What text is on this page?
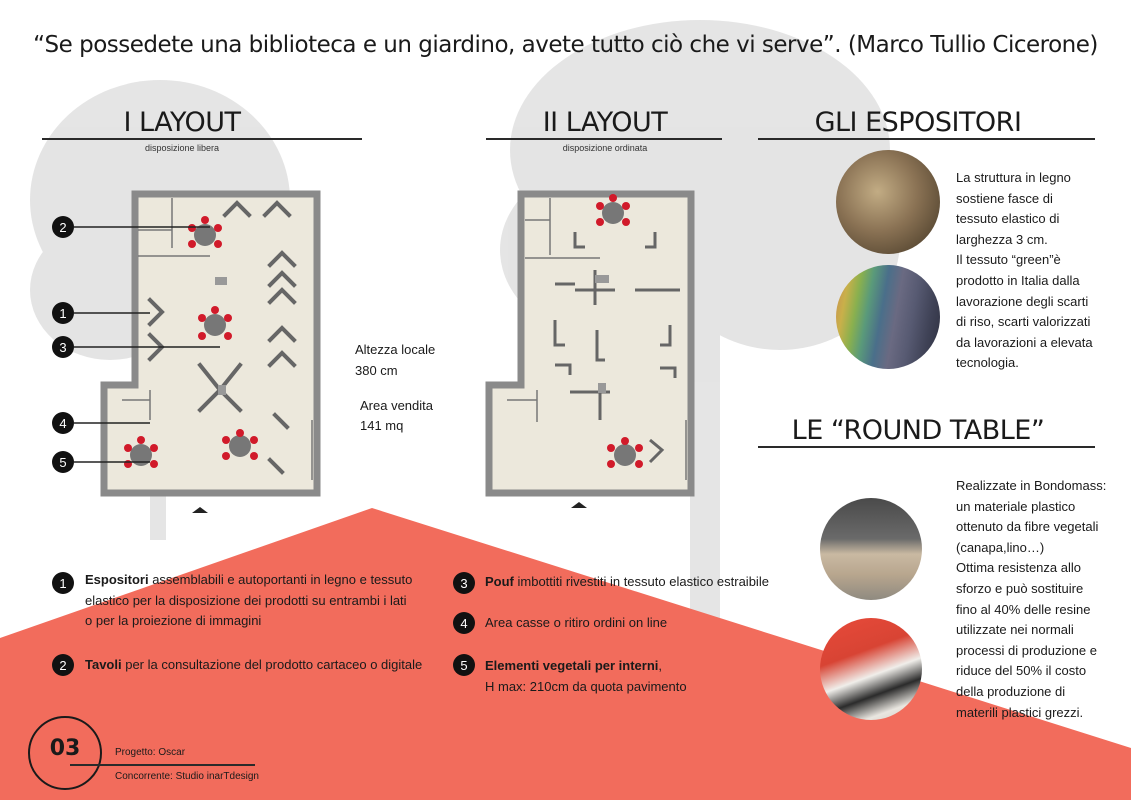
“Se possedete una biblioteca e un giardino, avete tutto ciò che vi serve”. (Marco Tullio Cicerone)
I LAYOUT
disposizione libera
II LAYOUT
disposizione ordinata
GLI ESPOSITORI
LE “ROUND TABLE”
2
1
3
4
5
Altezza locale
380 cm
Area vendita
141 mq
La struttura in legno
sostiene fasce di
tessuto elastico di
larghezza 3 cm.
Il tessuto “green”è
prodotto in Italia dalla
lavorazione degli scarti
di riso, scarti valorizzati
da lavorazioni a elevata
tecnologia.
Realizzate in Bondomass:
un materiale plastico
ottenuto da fibre vegetali
(canapa,lino…)
Ottima resistenza allo
sforzo e può sostituire
fino al 40% delle resine
utilizzate nei normali
processi di produzione e
riduce del 50% il costo
della produzione di
materili plastici grezzi.
1	Espositori assemblabili e autoportanti in legno e tessuto
elastico per la disposizione dei prodotti su entrambi i lati
o per la proiezione di immagini
2	Tavoli per la consultazione del prodotto cartaceo o digitale
3	Pouf imbottiti rivestiti in tessuto elastico estraibile
4	Area casse o ritiro ordini on line
5	Elementi vegetali per interni,
H max: 210cm da quota pavimento
03	Progetto: Oscar
Concorrente: Studio inarTdesign
